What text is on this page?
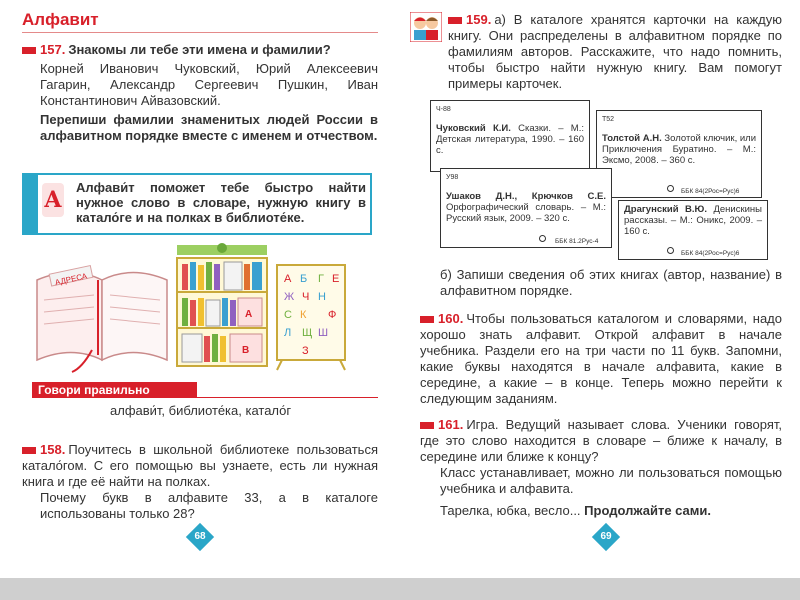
Алфавит
157. Знакомы ли тебе эти имена и фамилии?
Корней Иванович Чуковский, Юрий Алексеевич Гагарин, Александр Сергеевич Пушкин, Иван Константинович Айвазовский.
Перепиши фамилии знаменитых людей России в алфавитном порядке вместе с именем и отчеством.
А Алфави́т поможет тебе быстро найти нужное слово в словаре, нужную книгу в катало́ге и на полках в библиоте́ке.
АДРЕСА
А
В
А Б Г Е
Ж Ч Н
С К Ф
Л Щ Ш
З
Говори правильно
алфави́т, библиоте́ка, катало́г
158. Поучитесь в школьной библиотеке пользоваться катало́гом. С его помощью вы узнаете, есть ли нужная книга и где её найти на полках.
Почему букв в алфавите 33, а в каталоге использованы только 28?
68
159. а) В каталоге хранятся карточки на каждую книгу. Они распределены в алфавитном порядке по фамилиям авторов. Расскажите, что надо помнить, чтобы быстро найти нужную книгу. Вам помогут примеры карточек.
Ч-88
Чуковский К.И. Сказки. – М.: Детская литература, 1990. – 160 с.
Т52
Толстой А.Н. Золотой ключик, или Приключения Буратино. – М.: Эксмо, 2008. – 360 с.
ББК 84(2Рос=Рус)6
У98
Ушаков Д.Н., Крючков С.Е. Орфографический словарь. – М.: Русский язык, 2009. – 320 с.
ББК 81.2Рус-4
Драгунский В.Ю. Денискины рассказы. – М.: Оникс, 2009. – 160 с.
ББК 84(2Рос=Рус)6
б) Запиши сведения об этих книгах (автор, название) в алфавитном порядке.
160. Чтобы пользоваться каталогом и словарями, надо хорошо знать алфавит. Открой алфавит в начале учебника. Раздели его на три части по 11 букв. Запомни, какие буквы находятся в начале алфавита, какие в середине, а какие – в конце. Теперь можно перейти к следующим заданиям.
161. Игра. Ведущий называет слова. Ученики говорят, где это слово находится в словаре – ближе к началу, в середине или ближе к концу?
Класс устанавливает, можно ли пользоваться помощью учебника и алфавита.
Тарелка, юбка, весло... Продолжайте сами.
69
